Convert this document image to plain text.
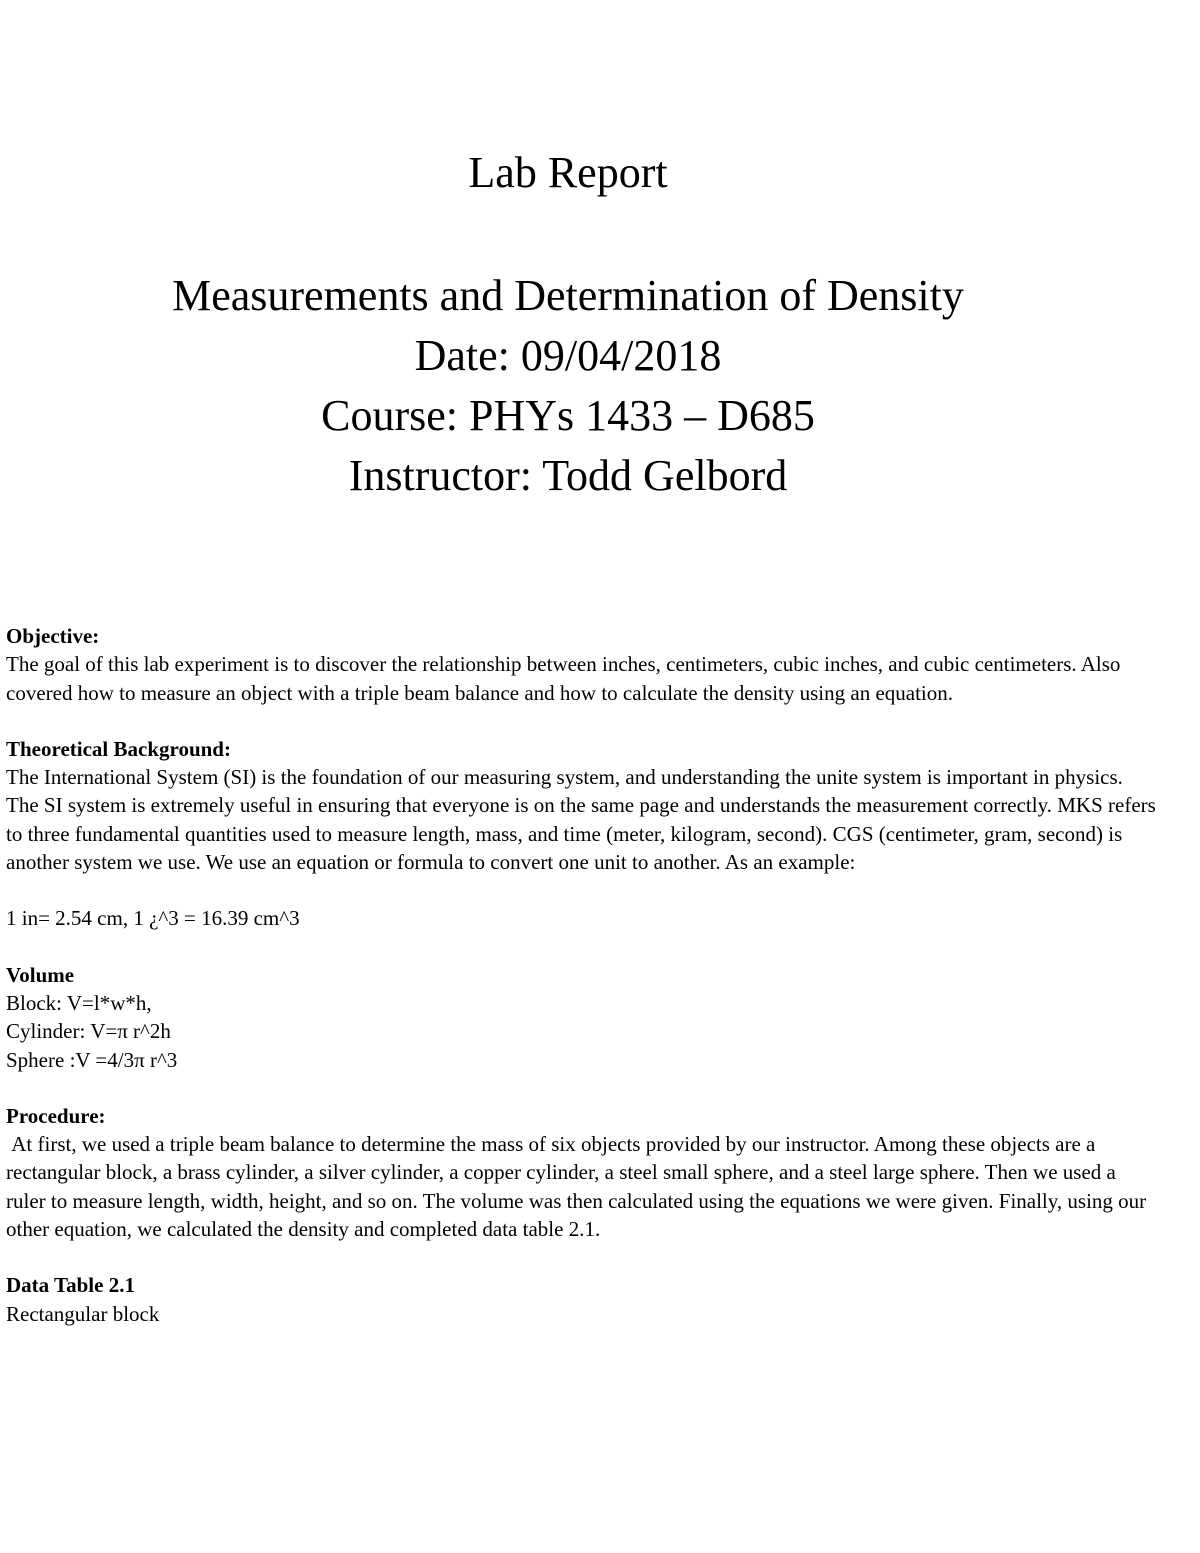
Lab Report
Measurements and Determination of Density
Date: 09/04/2018
Course: PHYs 1433 – D685
Instructor: Todd Gelbord
Objective:
The goal of this lab experiment is to discover the relationship between inches, centimeters, cubic inches, and cubic centimeters. Also covered how to measure an object with a triple beam balance and how to calculate the density using an equation.
Theoretical Background:
The International System (SI) is the foundation of our measuring system, and understanding the unite system is important in physics. The SI system is extremely useful in ensuring that everyone is on the same page and understands the measurement correctly. MKS refers to three fundamental quantities used to measure length, mass, and time (meter, kilogram, second). CGS (centimeter, gram, second) is another system we use. We use an equation or formula to convert one unit to another. As an example:
1 in= 2.54 cm, 1 ¿^3 = 16.39 cm^3
Volume
Block: V=l*w*h,
Cylinder: V=π r^2h
Sphere :V =4/3π r^3
Procedure:
At first, we used a triple beam balance to determine the mass of six objects provided by our instructor. Among these objects are a rectangular block, a brass cylinder, a silver cylinder, a copper cylinder, a steel small sphere, and a steel large sphere. Then we used a ruler to measure length, width, height, and so on. The volume was then calculated using the equations we were given. Finally, using our other equation, we calculated the density and completed data table 2.1.
Data Table 2.1
Rectangular block
